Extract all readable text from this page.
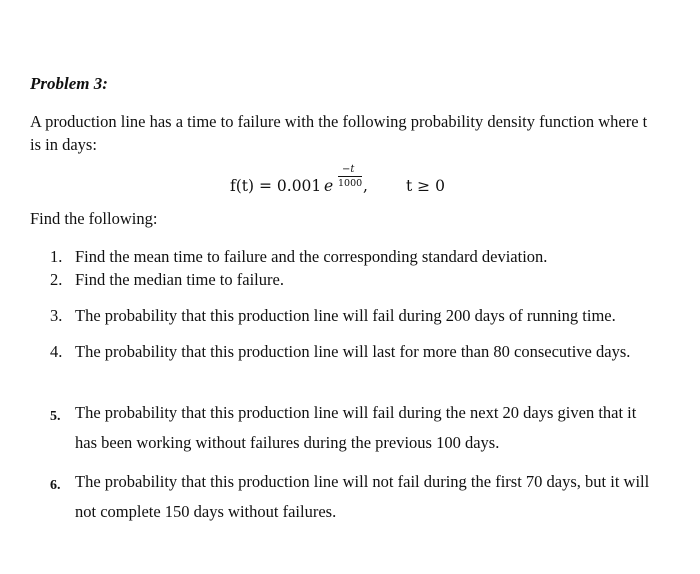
Problem 3:
A production line has a time to failure with the following probability density function where t is in days:
f(t) = 0.001 e
−t
1000 , t ≥ 0
Find the following:
1. Find the mean time to failure and the corresponding standard deviation.
2. Find the median time to failure.
3. The probability that this production line will fail during 200 days of running time.
4. The probability that this production line will last for more than 80 consecutive days.
5. The probability that this production line will fail during the next 20 days given that it has been working without failures during the previous 100 days.
6. The probability that this production line will not fail during the first 70 days, but it will not complete 150 days without failures.
